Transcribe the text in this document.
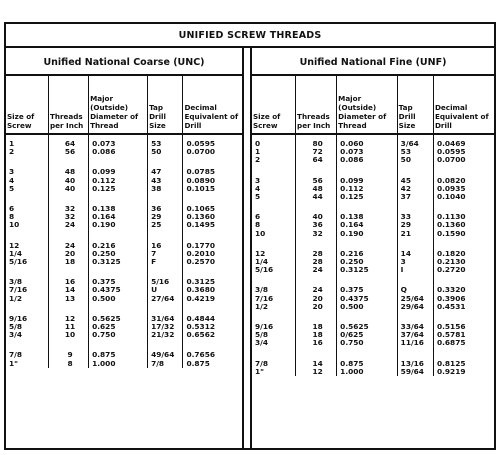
UNIFIED SCREW THREADS
Unified National Coarse (UNC)
Size of Screw	Threads per Inch	Major (Outside) Diameter of Thread	Tap Drill Size	Decimal Equivalent of Drill

1	64	0.073	53	0.0595
2	56	0.086	50	0.0700

3	48	0.099	47	0.0785
4	40	0.112	43	0.0890
5	40	0.125	38	0.1015

6	32	0.138	36	0.1065
8	32	0.164	29	0.1360
10	24	0.190	25	0.1495

12	24	0.216	16	0.1770
1/4	20	0.250	7	0.2010
5/16	18	0.3125	F	0.2570

3/8	16	0.375	5/16	0.3125
7/16	14	0.4375	U	0.3680
1/2	13	0.500	27/64	0.4219

9/16	12	0.5625	31/64	0.4844
5/8	11	0.625	17/32	0.5312
3/4	10	0.750	21/32	0.6562

7/8	9	0.875	49/64	0.7656
1"	8	1.000	7/8	0.875
Unified National Fine (UNF)
Size of Screw	Threads per Inch	Major (Outside) Diameter of Thread	Tap Drill Size	Decimal Equivalent of Drill

0	80	0.060	3/64	0.0469
1	72	0.073	53	0.0595
2	64	0.086	50	0.0700

3	56	0.099	45	0.0820
4	48	0.112	42	0.0935
5	44	0.125	37	0.1040

6	40	0.138	33	0.1130
8	36	0.164	29	0.1360
10	32	0.190	21	0.1590

12	28	0.216	14	0.1820
1/4	28	0.250	3	0.2130
5/16	24	0.3125	I	0.2720

3/8	24	0.375	Q	0.3320
7/16	20	0.4375	25/64	0.3906
1/2	20	0.500	29/64	0.4531

9/16	18	0.5625	33/64	0.5156
5/8	18	0/625	37/64	0.5781
3/4	16	0.750	11/16	0.6875

7/8	14	0.875	13/16	0.8125
1"	12	1.000	59/64	0.9219
